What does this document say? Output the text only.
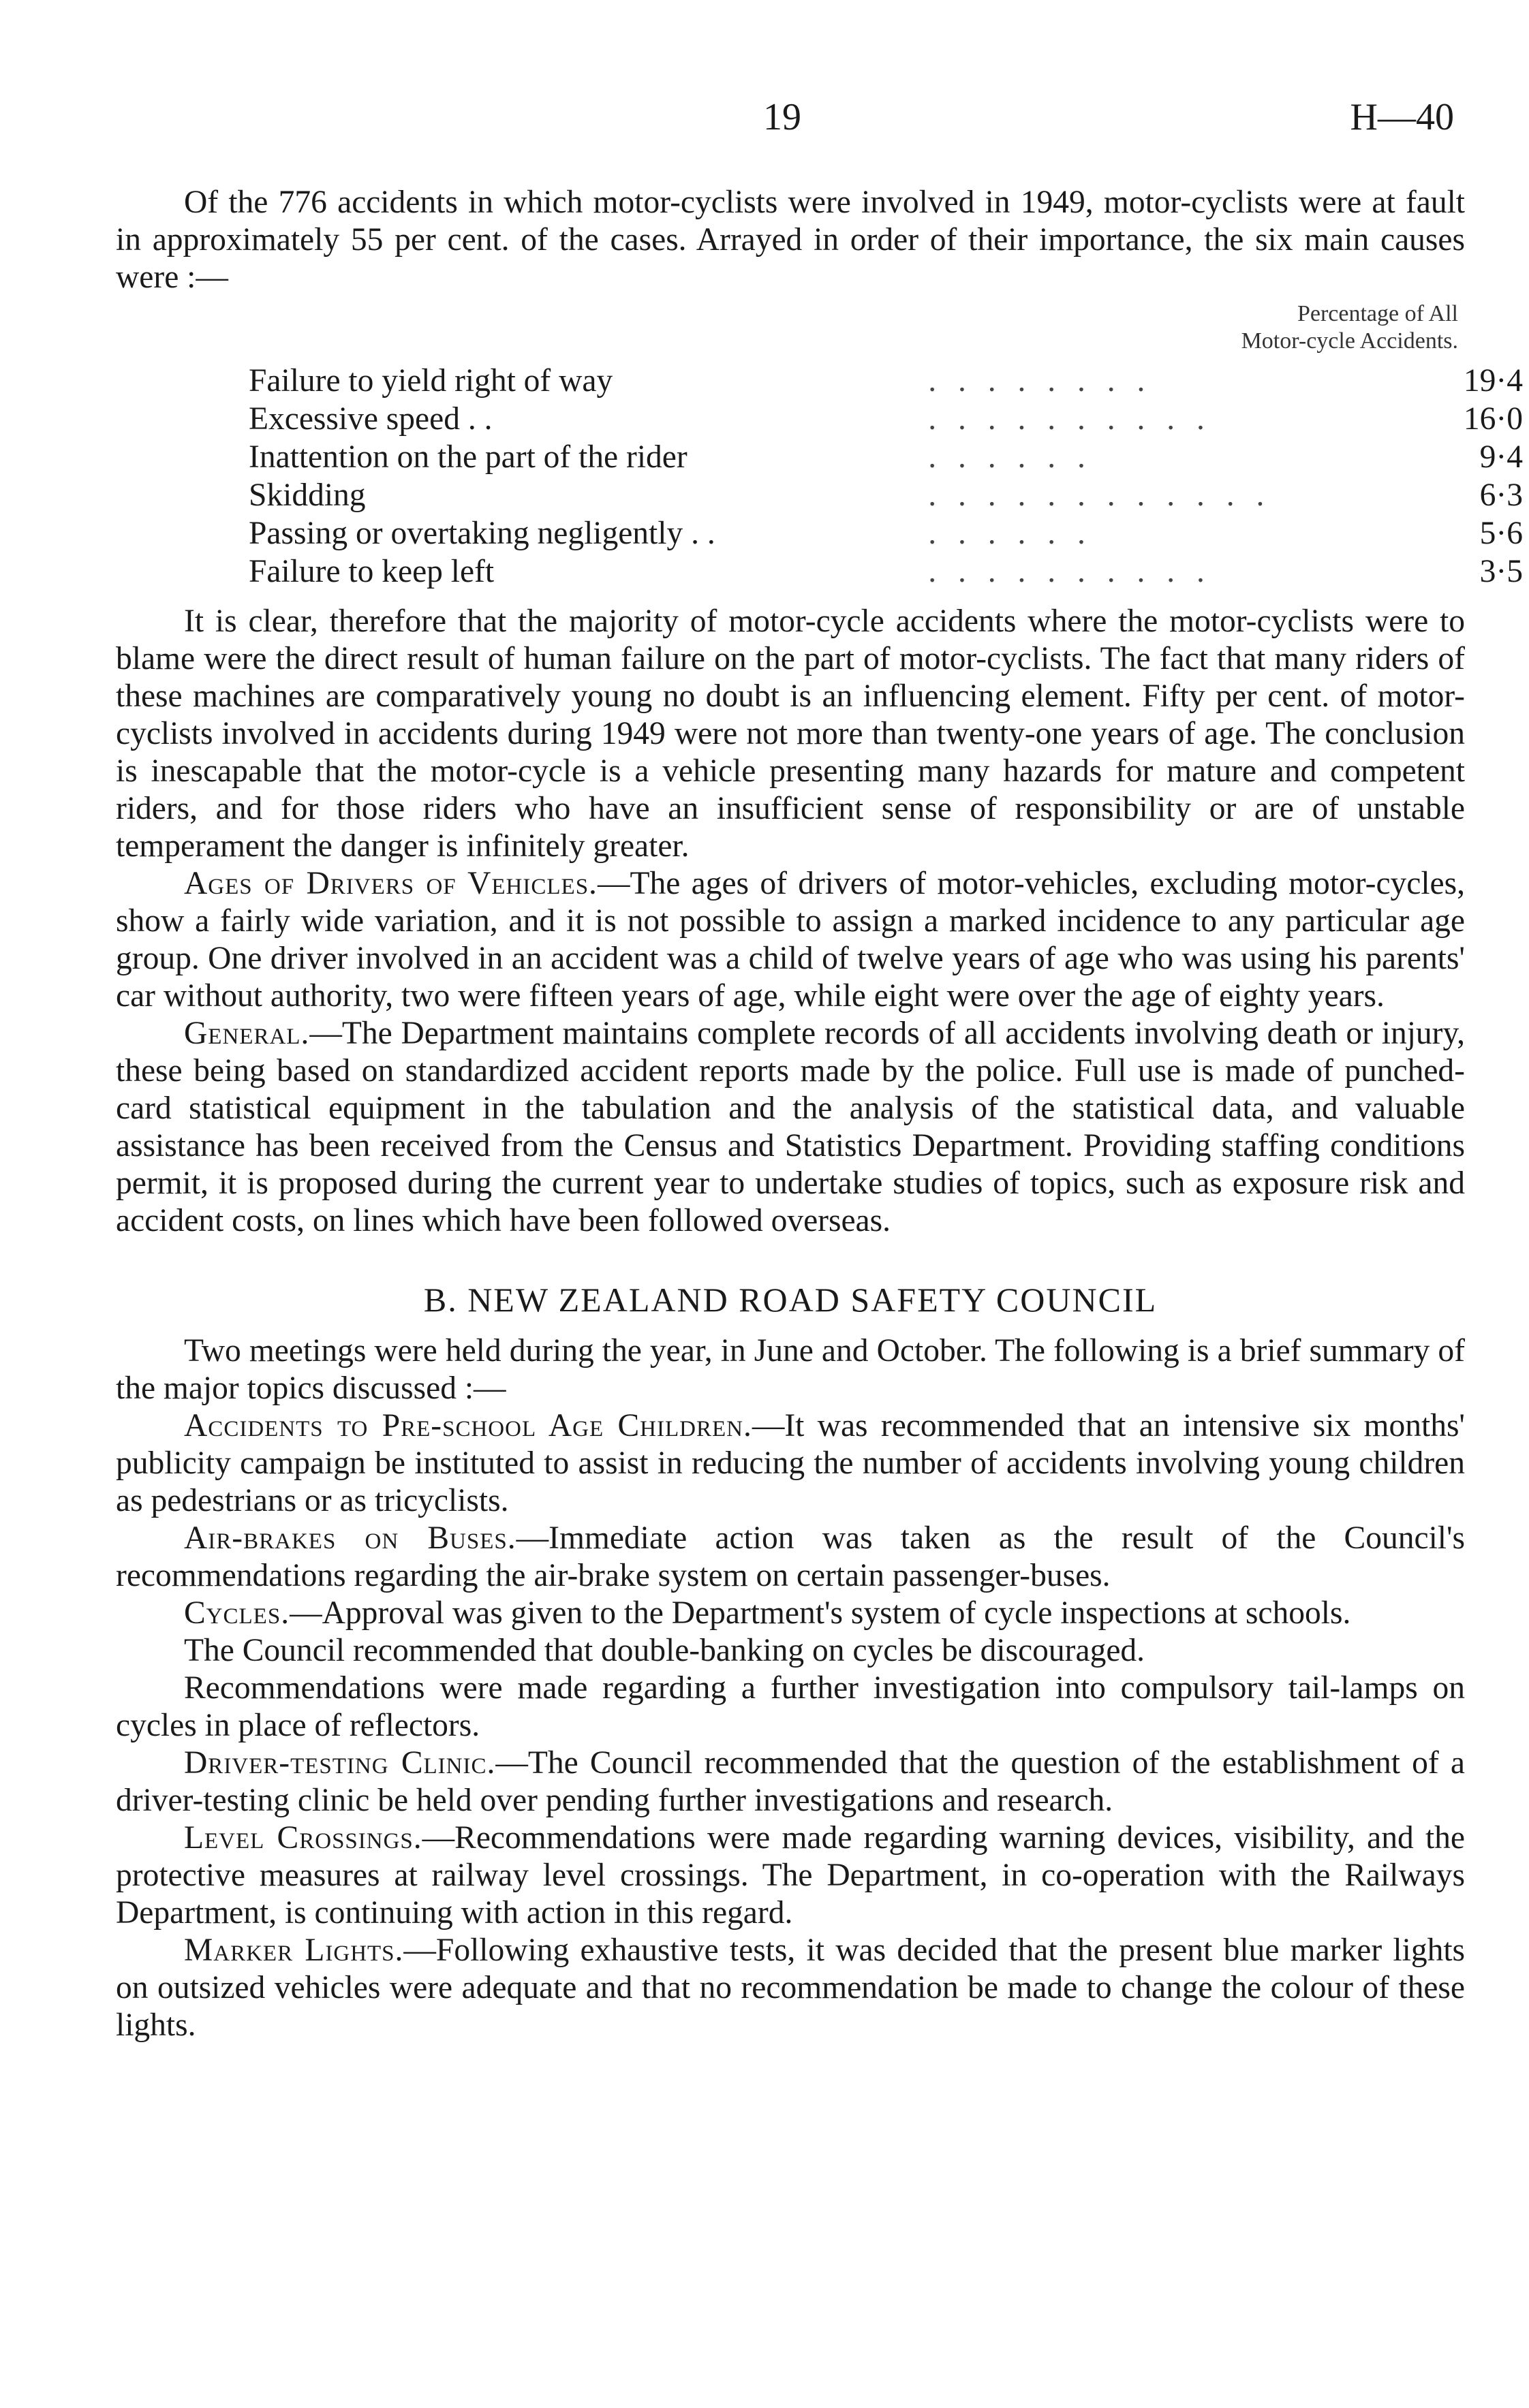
19	H—40

Of the 776 accidents in which motor-cyclists were involved in 1949, motor-cyclists were at fault in approximately 55 per cent. of the cases. Arrayed in order of their importance, the six main causes were :—

Percentage of All
Motor-cycle Accidents.
Failure to yield right of way	. . . . . . . .	19·4
Excessive speed . .	. . . . . . . . . .	16·0
Inattention on the part of the rider	. . . . . .	9·4
Skidding	. . . . . . . . . . . .	6·3
Passing or overtaking negligently . .	. . . . . .	5·6
Failure to keep left	. . . . . . . . . .	3·5

It is clear, therefore that the majority of motor-cycle accidents where the motor-cyclists were to blame were the direct result of human failure on the part of motor-cyclists. The fact that many riders of these machines are comparatively young no doubt is an influencing element. Fifty per cent. of motor-cyclists involved in accidents during 1949 were not more than twenty-one years of age. The conclusion is inescapable that the motor-cycle is a vehicle presenting many hazards for mature and competent riders, and for those riders who have an insufficient sense of responsibility or are of unstable temperament the danger is infinitely greater.

Ages of Drivers of Vehicles.—The ages of drivers of motor-vehicles, excluding motor-cycles, show a fairly wide variation, and it is not possible to assign a marked incidence to any particular age group. One driver involved in an accident was a child of twelve years of age who was using his parents' car without authority, two were fifteen years of age, while eight were over the age of eighty years.

General.—The Department maintains complete records of all accidents involving death or injury, these being based on standardized accident reports made by the police. Full use is made of punched-card statistical equipment in the tabulation and the analysis of the statistical data, and valuable assistance has been received from the Census and Statistics Department. Providing staffing conditions permit, it is proposed during the current year to undertake studies of topics, such as exposure risk and accident costs, on lines which have been followed overseas.

B. NEW ZEALAND ROAD SAFETY COUNCIL

Two meetings were held during the year, in June and October. The following is a brief summary of the major topics discussed :—

Accidents to Pre-school Age Children.—It was recommended that an intensive six months' publicity campaign be instituted to assist in reducing the number of accidents involving young children as pedestrians or as tricyclists.

Air-brakes on Buses.—Immediate action was taken as the result of the Council's recommendations regarding the air-brake system on certain passenger-buses.

Cycles.—Approval was given to the Department's system of cycle inspections at schools.

The Council recommended that double-banking on cycles be discouraged.

Recommendations were made regarding a further investigation into compulsory tail-lamps on cycles in place of reflectors.

Driver-testing Clinic.—The Council recommended that the question of the establishment of a driver-testing clinic be held over pending further investigations and research.

Level Crossings.—Recommendations were made regarding warning devices, visibility, and the protective measures at railway level crossings. The Department, in co-operation with the Railways Department, is continuing with action in this regard.

Marker Lights.—Following exhaustive tests, it was decided that the present blue marker lights on outsized vehicles were adequate and that no recommendation be made to change the colour of these lights.
